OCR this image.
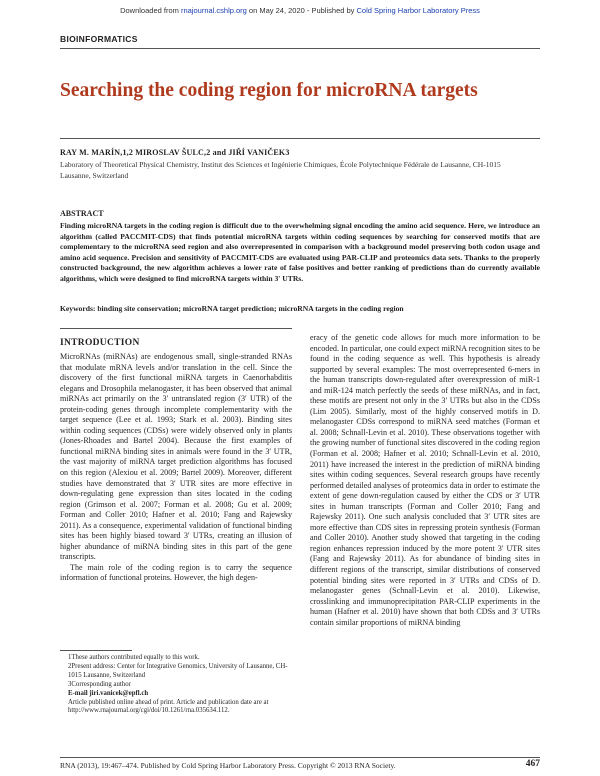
Downloaded from rnajournal.cshlp.org on May 24, 2020 - Published by Cold Spring Harbor Laboratory Press
BIOINFORMATICS
Searching the coding region for microRNA targets
RAY M. MARÍN,1,2 MIROSLAV ŠULC,2 and JIŘÍ VANIČEK3
Laboratory of Theoretical Physical Chemistry, Institut des Sciences et Ingénierie Chimiques, École Polytechnique Fédérale de Lausanne, CH-1015 Lausanne, Switzerland
ABSTRACT
Finding microRNA targets in the coding region is difficult due to the overwhelming signal encoding the amino acid sequence. Here, we introduce an algorithm (called PACCMIT-CDS) that finds potential microRNA targets within coding sequences by searching for conserved motifs that are complementary to the microRNA seed region and also overrepresented in comparison with a background model preserving both codon usage and amino acid sequence. Precision and sensitivity of PACCMIT-CDS are evaluated using PAR-CLIP and proteomics data sets. Thanks to the properly constructed background, the new algorithm achieves a lower rate of false positives and better ranking of predictions than do currently available algorithms, which were designed to find microRNA targets within 3′ UTRs.
Keywords: binding site conservation; microRNA target prediction; microRNA targets in the coding region
INTRODUCTION

MicroRNAs (miRNAs) are endogenous small, single-stranded RNAs that modulate mRNA levels and/or translation in the cell. Since the discovery of the first functional miRNA targets in Caenorhabditis elegans and Drosophila melanogaster, it has been observed that animal miRNAs act primarily on the 3′ untranslated region (3′ UTR) of the protein-coding genes through incomplete complementarity with the target sequence (Lee et al. 1993; Stark et al. 2003). Binding sites within coding sequences (CDSs) were widely observed only in plants (Jones-Rhoades and Bartel 2004). Because the first examples of functional miRNA binding sites in animals were found in the 3′ UTR, the vast majority of miRNA target prediction algorithms has focused on this region (Alexiou et al. 2009; Bartel 2009). Moreover, different studies have demonstrated that 3′ UTR sites are more effective in down-regulating gene expression than sites located in the coding region (Grimson et al. 2007; Forman et al. 2008; Gu et al. 2009; Forman and Coller 2010; Hafner et al. 2010; Fang and Rajewsky 2011). As a consequence, experimental validation of functional binding sites has been highly biased toward 3′ UTRs, creating an illusion of higher abundance of miRNA binding sites in this part of the gene transcripts.

The main role of the coding region is to carry the sequence information of functional proteins. However, the high degen-

eracy of the genetic code allows for much more information to be encoded. In particular, one could expect miRNA recognition sites to be found in the coding sequence as well. This hypothesis is already supported by several examples: The most overrepresented 6-mers in the human transcripts down-regulated after overexpression of miR-1 and miR-124 match perfectly the seeds of these miRNAs, and in fact, these motifs are present not only in the 3′ UTRs but also in the CDSs (Lim 2005). Similarly, most of the highly conserved motifs in D. melanogaster CDSs correspond to miRNA seed matches (Forman et al. 2008; Schnall-Levin et al. 2010). These observations together with the growing number of functional sites discovered in the coding region (Forman et al. 2008; Hafner et al. 2010; Schnall-Levin et al. 2010, 2011) have increased the interest in the prediction of miRNA binding sites within coding sequences. Several research groups have recently performed detailed analyses of proteomics data in order to estimate the extent of gene down-regulation caused by either the CDS or 3′ UTR sites in human transcripts (Forman and Coller 2010; Fang and Rajewsky 2011). One such analysis concluded that 3′ UTR sites are more effective than CDS sites in repressing protein synthesis (Forman and Coller 2010). Another study showed that targeting in the coding region enhances repression induced by the more potent 3′ UTR sites (Fang and Rajewsky 2011). As for abundance of binding sites in different regions of the transcript, similar distributions of conserved potential binding sites were reported in 3′ UTRs and CDSs of D. melanogaster genes (Schnall-Levin et al. 2010). Likewise, crosslinking and immunoprecipitation PAR-CLIP experiments in the human (Hafner et al. 2010) have shown that both CDSs and 3′ UTRs contain similar proportions of miRNA binding

1These authors contributed equally to this work.

2Present address: Center for Integrative Genomics, University of Lausanne, CH-1015 Lausanne, Switzerland

3Corresponding author

E-mail jiri.vanicek@epfl.ch

Article published online ahead of print. Article and publication date are at http://www.rnajournal.org/cgi/doi/10.1261/rna.035634.112.

RNA (2013), 19:467–474. Published by Cold Spring Harbor Laboratory Press. Copyright © 2013 RNA Society.	467
